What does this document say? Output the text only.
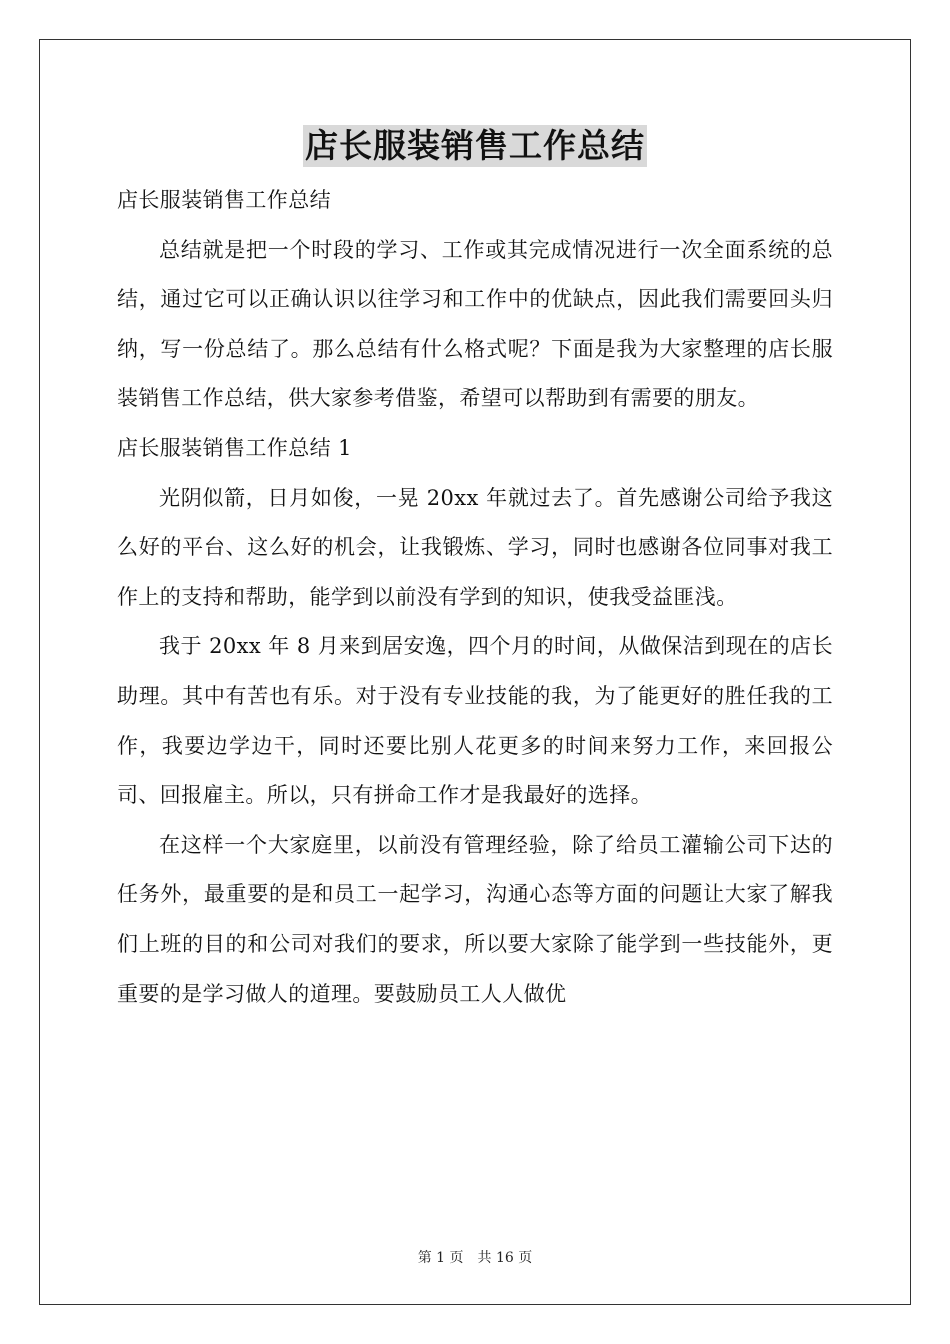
店长服装销售工作总结

店长服装销售工作总结

总结就是把一个时段的学习、工作或其完成情况进行一次全面系统的总结，通过它可以正确认识以往学习和工作中的优缺点，因此我们需要回头归纳，写一份总结了。那么总结有什么格式呢？下面是我为大家整理的店长服装销售工作总结，供大家参考借鉴，希望可以帮助到有需要的朋友。

店长服装销售工作总结 1

光阴似箭，日月如俊，一晃 20xx 年就过去了。首先感谢公司给予我这么好的平台、这么好的机会，让我锻炼、学习，同时也感谢各位同事对我工作上的支持和帮助，能学到以前没有学到的知识，使我受益匪浅。

我于 20xx 年 8 月来到居安逸，四个月的时间，从做保洁到现在的店长助理。其中有苦也有乐。对于没有专业技能的我，为了能更好的胜任我的工作，我要边学边干，同时还要比别人花更多的时间来努力工作，来回报公司、回报雇主。所以，只有拼命工作才是我最好的选择。

在这样一个大家庭里，以前没有管理经验，除了给员工灌输公司下达的任务外，最重要的是和员工一起学习，沟通心态等方面的问题让大家了解我们上班的目的和公司对我们的要求，所以要大家除了能学到一些技能外，更重要的是学习做人的道理。要鼓励员工人人做优

第 1 页 共 16 页
